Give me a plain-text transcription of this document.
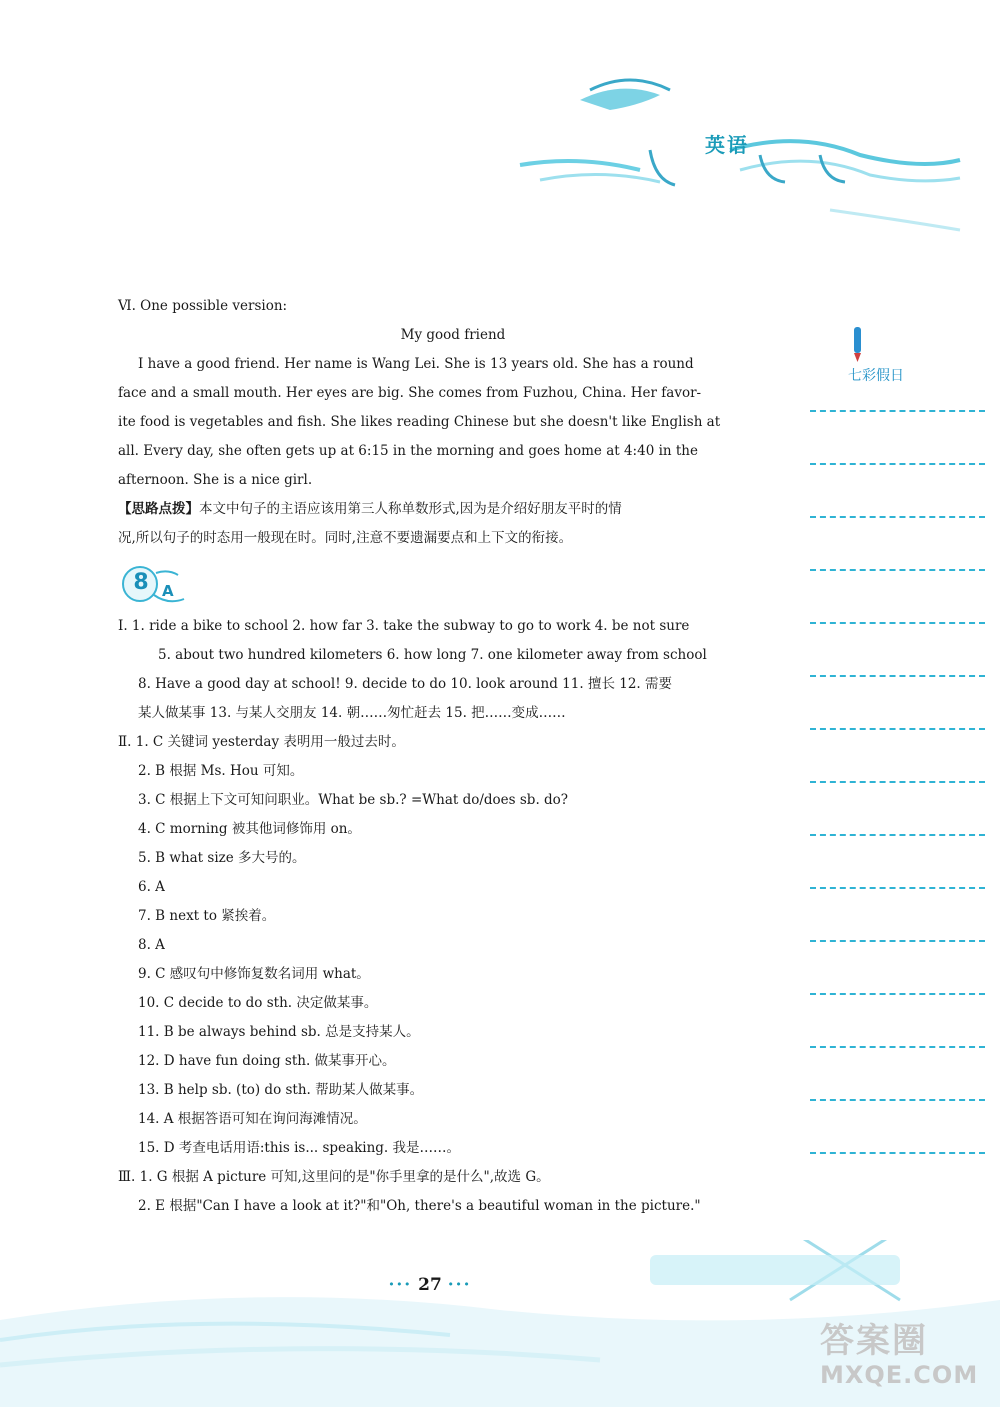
英语
七彩假日
Ⅵ. One possible version:
My good friend
I have a good friend. Her name is Wang Lei. She is 13 years old. She has a round
face and a small mouth. Her eyes are big. She comes from Fuzhou, China. Her favor-
ite food is vegetables and fish. She likes reading Chinese but she doesn't like English at
all. Every day, she often gets up at 6:15 in the morning and goes home at 4:40 in the
afternoon. She is a nice girl.
【思路点拨】本文中句子的主语应该用第三人称单数形式,因为是介绍好朋友平时的情
况,所以句子的时态用一般现在时。同时,注意不要遗漏要点和上下文的衔接。
8 A
Ⅰ. 1. ride a bike to school 2. how far 3. take the subway to go to work 4. be not sure
5. about two hundred kilometers 6. how long 7. one kilometer away from school
8. Have a good day at school! 9. decide to do 10. look around 11. 擅长 12. 需要
某人做某事 13. 与某人交朋友 14. 朝……匆忙赶去 15. 把……变成……
Ⅱ. 1. C 关键词 yesterday 表明用一般过去时。
2. B 根据 Ms. Hou 可知。
3. C 根据上下文可知问职业。What be sb.? =What do/does sb. do?
4. C morning 被其他词修饰用 on。
5. B what size 多大号的。
6. A
7. B next to 紧挨着。
8. A
9. C 感叹句中修饰复数名词用 what。
10. C decide to do sth. 决定做某事。
11. B be always behind sb. 总是支持某人。
12. D have fun doing sth. 做某事开心。
13. B help sb. (to) do sth. 帮助某人做某事。
14. A 根据答语可知在询问海滩情况。
15. D 考查电话用语:this is... speaking. 我是……。
Ⅲ. 1. G 根据 A picture 可知,这里问的是"你手里拿的是什么",故选 G。
2. E 根据"Can I have a look at it?"和"Oh, there's a beautiful woman in the picture."
··· 27 ···
答案圈
MXQE.COM
